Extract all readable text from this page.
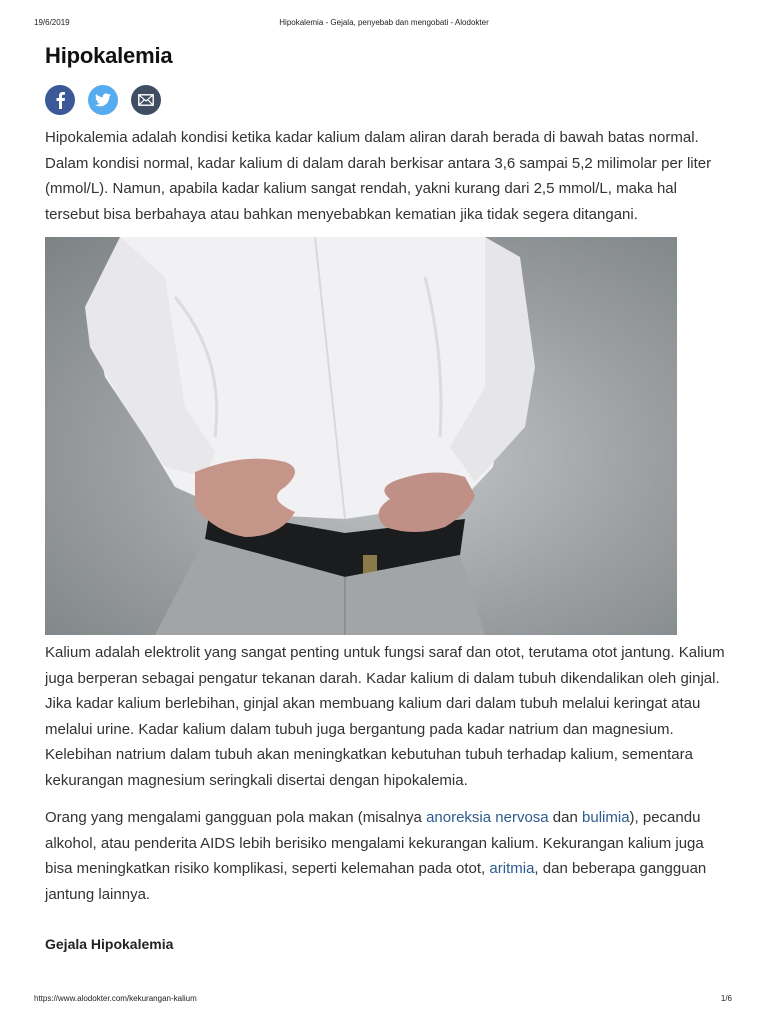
19/6/2019	Hipokalemia - Gejala, penyebab dan mengobati - Alodokter
Hipokalemia

Hipokalemia adalah kondisi ketika kadar kalium dalam aliran darah berada di bawah batas normal. Dalam kondisi normal, kadar kalium di dalam darah berkisar antara 3,6 sampai 5,2 milimolar per liter (mmol/L). Namun, apabila kadar kalium sangat rendah, yakni kurang dari 2,5 mmol/L, maka hal tersebut bisa berbahaya atau bahkan menyebabkan kematian jika tidak segera ditangani.

Kalium adalah elektrolit yang sangat penting untuk fungsi saraf dan otot, terutama otot jantung. Kalium juga berperan sebagai pengatur tekanan darah. Kadar kalium di dalam tubuh dikendalikan oleh ginjal. Jika kadar kalium berlebihan, ginjal akan membuang kalium dari dalam tubuh melalui keringat atau melalui urine. Kadar kalium dalam tubuh juga bergantung pada kadar natrium dan magnesium. Kelebihan natrium dalam tubuh akan meningkatkan kebutuhan tubuh terhadap kalium, sementara kekurangan magnesium seringkali disertai dengan hipokalemia.

Orang yang mengalami gangguan pola makan (misalnya anoreksia nervosa dan bulimia), pecandu alkohol, atau penderita AIDS lebih berisiko mengalami kekurangan kalium. Kekurangan kalium juga bisa meningkatkan risiko komplikasi, seperti kelemahan pada otot, aritmia, dan beberapa gangguan jantung lainnya.

Gejala Hipokalemia
https://www.alodokter.com/kekurangan-kalium	1/6
